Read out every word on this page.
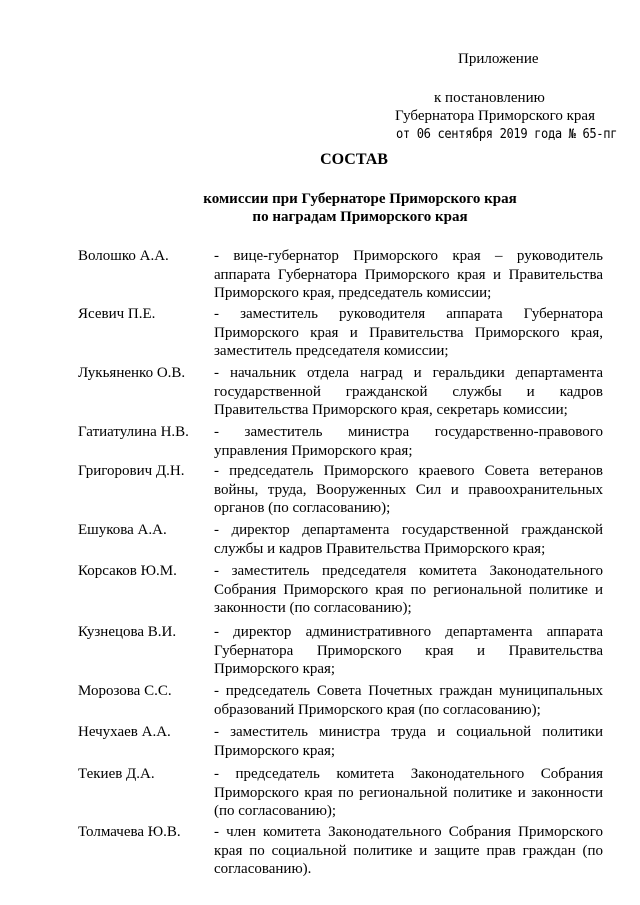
Приложение
к постановлению
Губернатора Приморского края
от 06 сентября 2019 года № 65-пг
СОСТАВ
комиссии при Губернаторе Приморского края
по наградам Приморского края
Волошко А.А.	- вице-губернатор Приморского края – руководитель аппарата Губернатора Приморского края и Правительства Приморского края, председатель комиссии;
Ясевич П.Е.	- заместитель руководителя аппарата Губернатора Приморского края и Правительства Приморского края, заместитель председателя комиссии;
Лукьяненко О.В. - начальник отдела наград и геральдики департамента государственной гражданской службы и кадров Правительства Приморского края, секретарь комиссии;
Гатиатулина Н.В. - заместитель министра государственно-правового управления Приморского края;
Григорович Д.Н. - председатель Приморского краевого Совета ветеранов войны, труда, Вооруженных Сил и правоохранительных органов (по согласованию);
Ешукова А.А.	- директор департамента государственной гражданской службы и кадров Правительства Приморского края;
Корсаков Ю.М. - заместитель председателя комитета Законодательного Собрания Приморского края по региональной политике и законности (по согласованию);
Кузнецова В.И.	- директор административного департамента аппарата Губернатора Приморского края и Правительства Приморского края;
Морозова С.С.	- председатель Совета Почетных граждан муниципальных образований Приморского края (по согласованию);
Нечухаев А.А.	- заместитель министра труда и социальной политики Приморского края;
Текиев Д.А.	- председатель комитета Законодательного Собрания Приморского края по региональной политике и законности (по согласованию);
Толмачева Ю.В. - член комитета Законодательного Собрания Приморского края по социальной политике и защите прав граждан (по согласованию).
